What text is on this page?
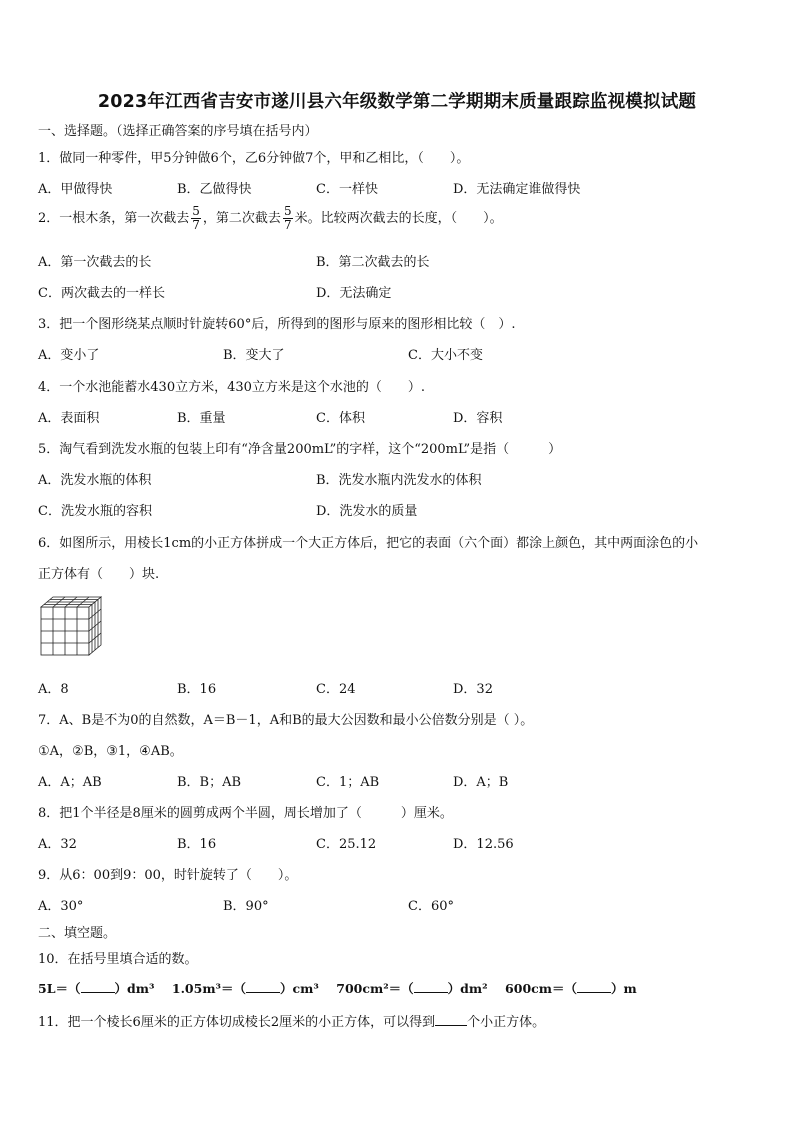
2023年江西省吉安市遂川县六年级数学第二学期期末质量跟踪监视模拟试题
一、选择题。（选择正确答案的序号填在括号内）
1．做同一种零件，甲5分钟做6个，乙6分钟做7个，甲和乙相比，（　　）。
A．甲做得快	B．乙做得快	C．一样快	D．无法确定谁做得快
2．一根木条，第一次截去 $\frac{5}{7}$ ，第二次截去 $\frac{5}{7}$ 米。比较两次截去的长度，（　　）。
A．第一次截去的长	B．第二次截去的长
C．两次截去的一样长	D．无法确定
3．把一个图形绕某点顺时针旋转60°后，所得到的图形与原来的图形相比较（　）.
A．变小了	B．变大了	C．大小不变
4．一个水池能蓄水430立方米，430立方米是这个水池的（　　）.
A．表面积	B．重量	C．体积	D．容积
5．淘气看到洗发水瓶的包装上印有“净含量200mL”的字样，这个“200mL”是指（　　　）
A．洗发水瓶的体积	B．洗发水瓶内洗发水的体积
C．洗发水瓶的容积	D．洗发水的质量
6．如图所示，用棱长1cm的小正方体拼成一个大正方体后，把它的表面（六个面）都涂上颜色，其中两面涂色的小
正方体有（　　）块.
A．8	B．16	C．24	D．32
7．A、B是不为0的自然数，A＝B－1，A和B的最大公因数和最小公倍数分别是（ ）。
①A，②B，③1，④AB。
A．A；AB	B．B；AB	C．1；AB	D．A；B
8．把1个半径是8厘米的圆剪成两个半圆，周长增加了（　　　）厘米。
A．32	B．16	C．25.12	D．12.56
9．从6：00到9：00，时针旋转了（　　）。
A．30°	B．90°	C．60°
二、填空题。
10．在括号里填合适的数。
5L＝（	）dm³ 1.05m³＝（	）cm³ 700cm²＝（	）dm² 600cm＝（	）m
11．把一个棱长6厘米的正方体切成棱长2厘米的小正方体，可以得到 个小正方体。
